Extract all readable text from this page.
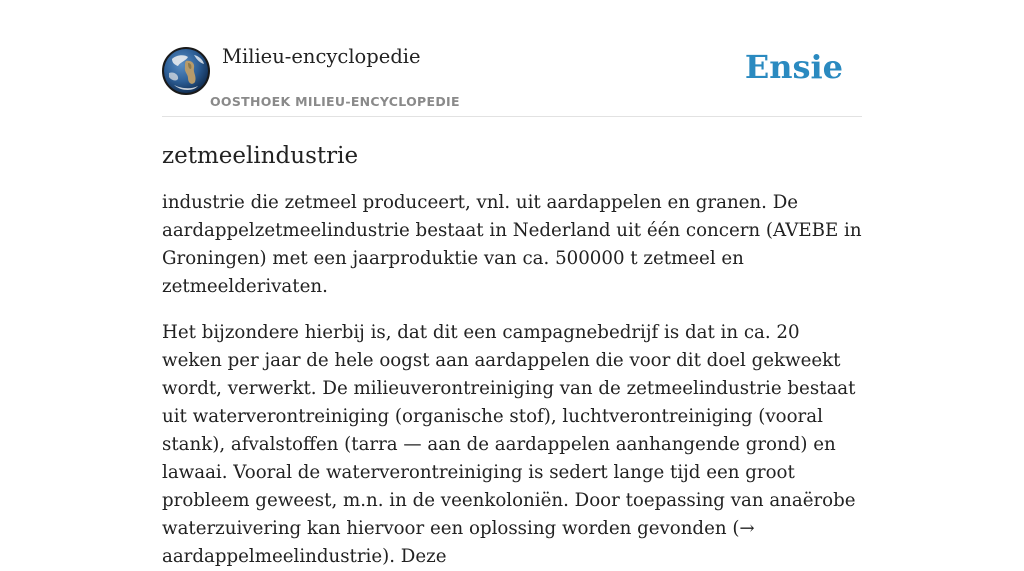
Milieu-encyclopedie
OOSTHOEK MILIEU-ENCYCLOPEDIE
Ensie
zetmeelindustrie

industrie die zetmeel produceert, vnl. uit aardappelen en granen. De aardappelzetmeelindustrie bestaat in Nederland uit één concern (AVEBE in Groningen) met een jaarproduktie van ca. 500000 t zetmeel en zetmeelderivaten.

Het bijzondere hierbij is, dat dit een campagnebedrijf is dat in ca. 20 weken per jaar de hele oogst aan aardappelen die voor dit doel gekweekt wordt, verwerkt. De milieuverontreiniging van de zetmeelindustrie bestaat uit waterverontreiniging (organische stof), luchtverontreiniging (vooral stank), afvalstoffen (tarra — aan de aardappelen aanhangende grond) en lawaai. Vooral de waterverontreiniging is sedert lange tijd een groot probleem geweest, m.n. in de veenkoloniën. Door toepassing van anaërobe waterzuivering kan hiervoor een oplossing worden gevonden (→ aardappelmeelindustrie). Deze
